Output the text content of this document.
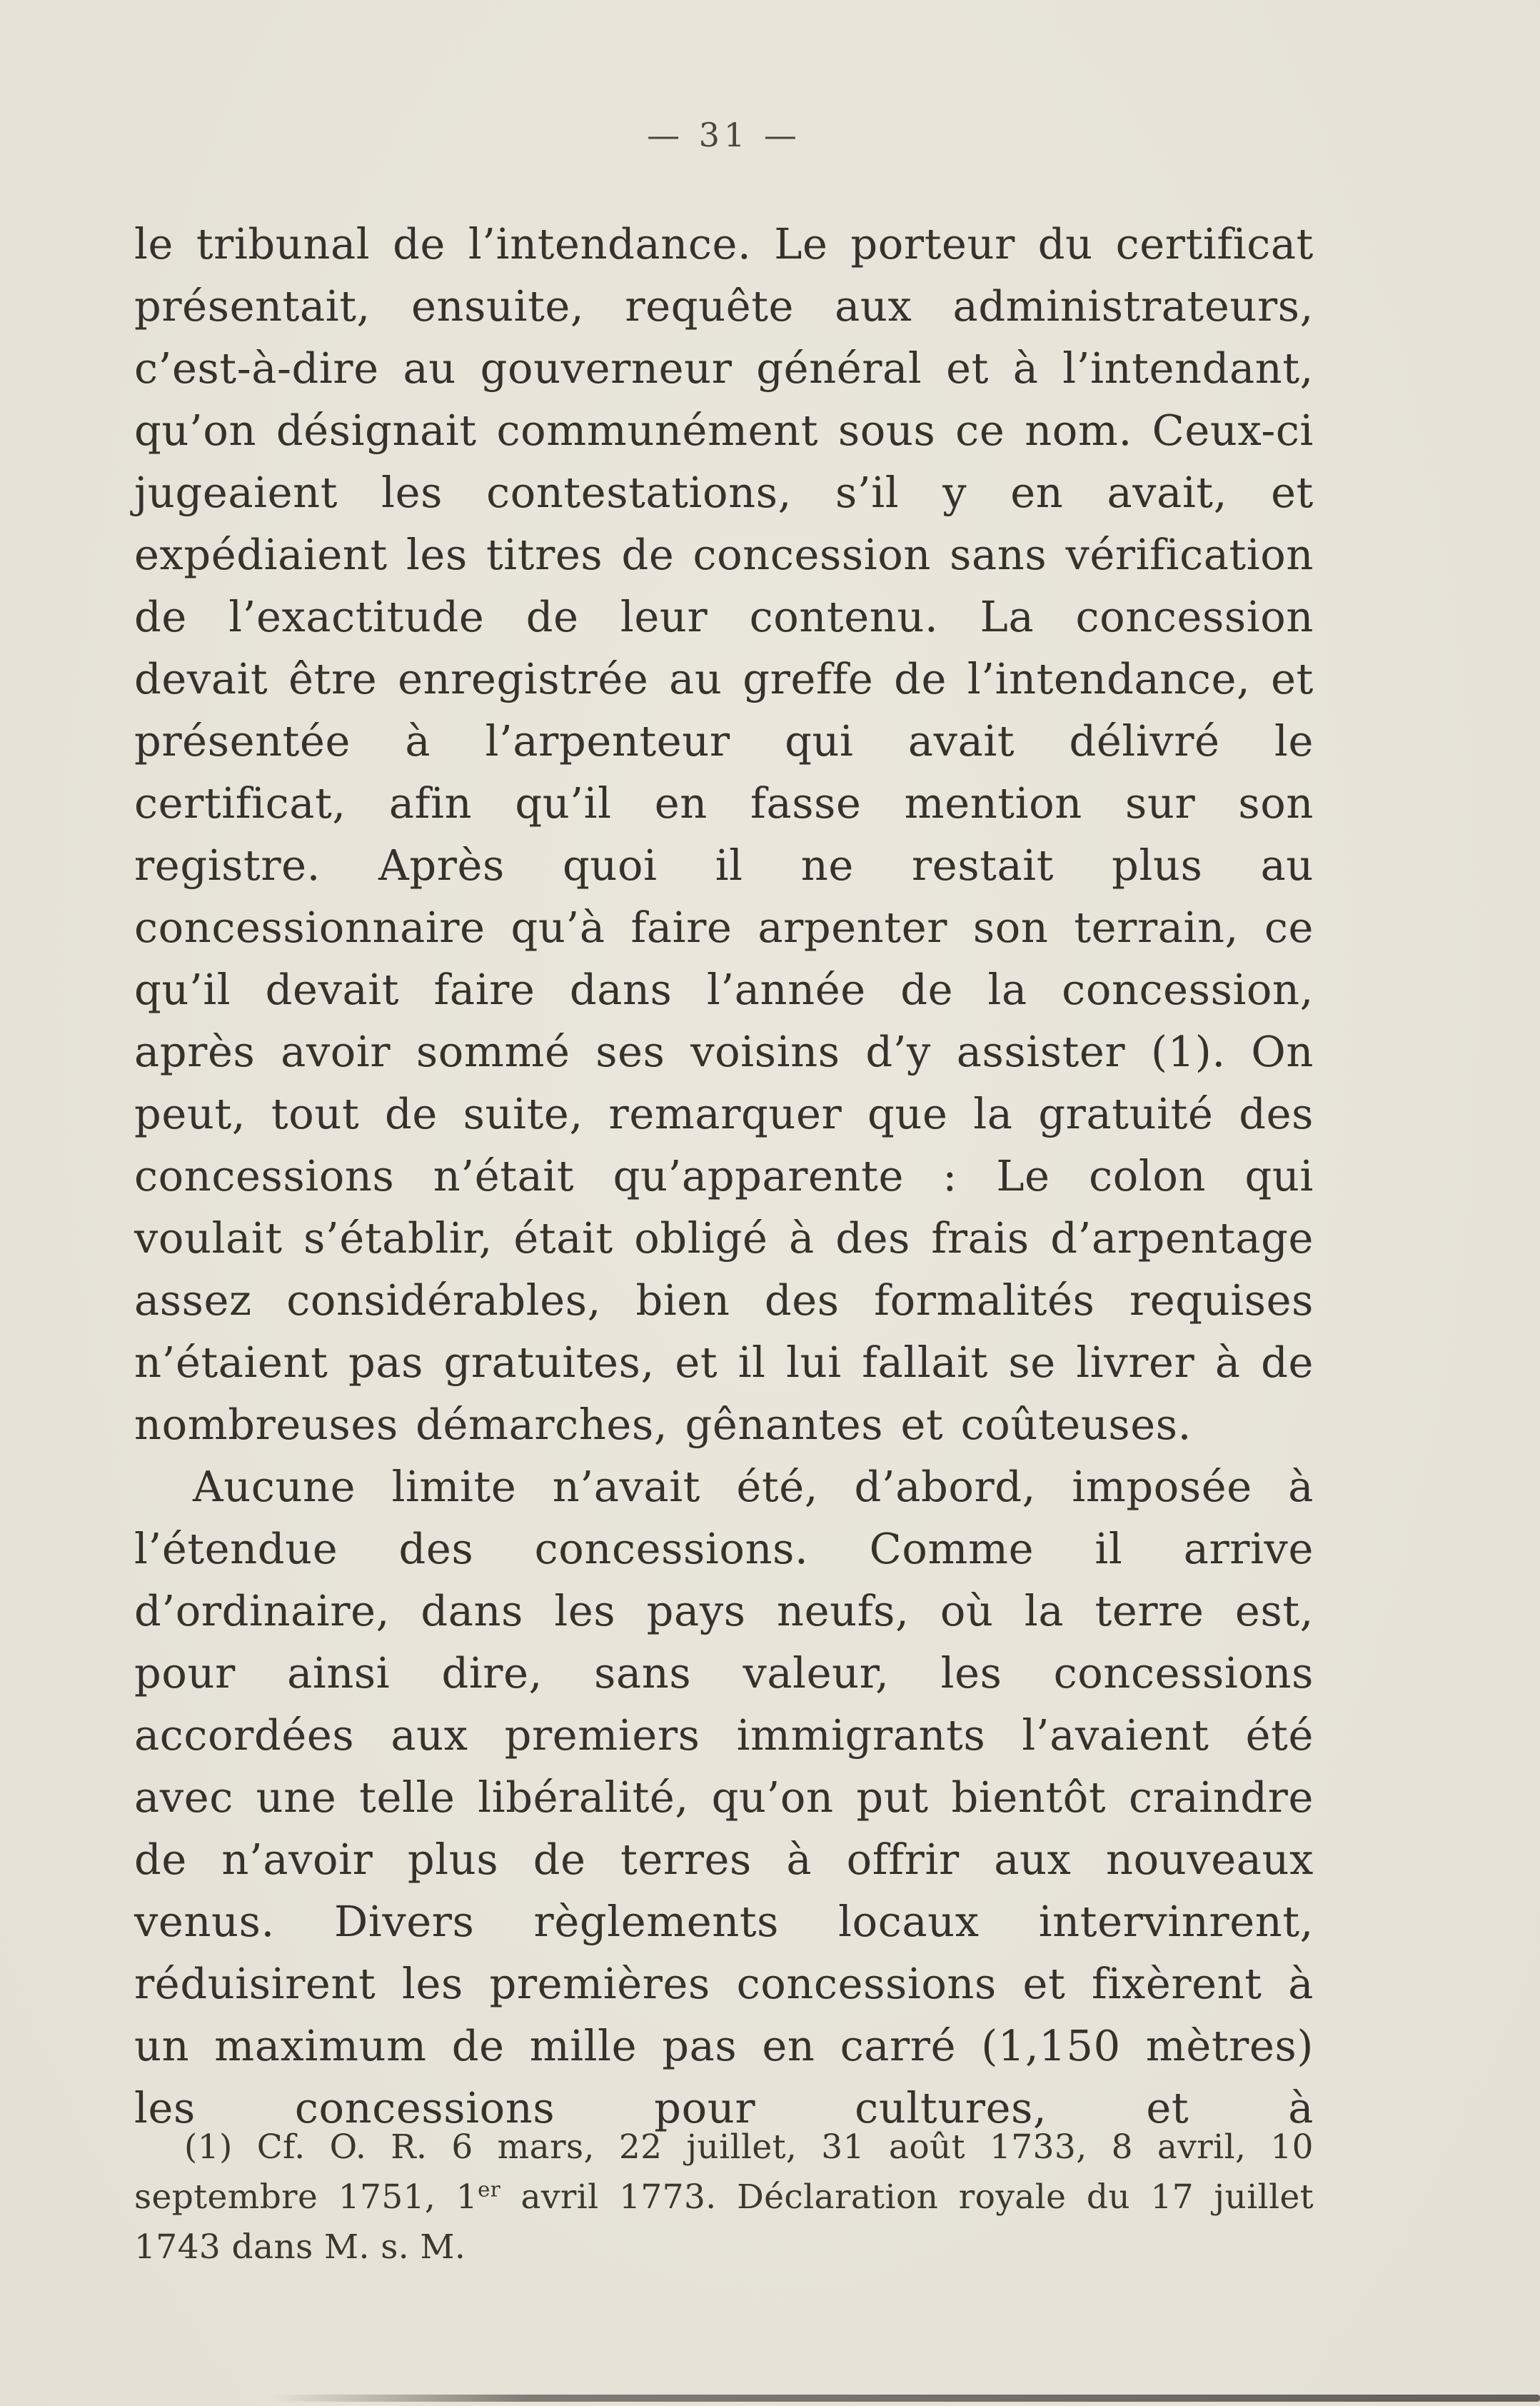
— 31 —

le tribunal de l’intendance. Le porteur du certificat présentait, ensuite, requête aux administrateurs, c’est-à-dire au gouverneur général et à l’intendant, qu’on désignait communément sous ce nom. Ceux-ci jugeaient les contestations, s’il y en avait, et expédiaient les titres de concession sans vérification de l’exactitude de leur contenu. La concession devait être enregistrée au greffe de l’intendance, et présentée à l’arpenteur qui avait délivré le certificat, afin qu’il en fasse mention sur son registre. Après quoi il ne restait plus au concessionnaire qu’à faire arpenter son terrain, ce qu’il devait faire dans l’année de la concession, après avoir sommé ses voisins d’y assister (1). On peut, tout de suite, remarquer que la gratuité des concessions n’était qu’apparente : Le colon qui voulait s’établir, était obligé à des frais d’arpentage assez considérables, bien des formalités requises n’étaient pas gratuites, et il lui fallait se livrer à de nombreuses démarches, gênantes et coûteuses.

Aucune limite n’avait été, d’abord, imposée à l’étendue des concessions. Comme il arrive d’ordinaire, dans les pays neufs, où la terre est, pour ainsi dire, sans valeur, les concessions accordées aux premiers immigrants l’avaient été avec une telle libéralité, qu’on put bientôt craindre de n’avoir plus de terres à offrir aux nouveaux venus. Divers règlements locaux intervinrent, réduisirent les premières concessions et fixèrent à un maximum de mille pas en carré (1,150 mètres) les concessions pour cultures, et à

(1) Cf. O. R. 6 mars, 22 juillet, 31 août 1733, 8 avril, 10 septembre 1751, 1er avril 1773. Déclaration royale du 17 juillet 1743 dans M. s. M.
